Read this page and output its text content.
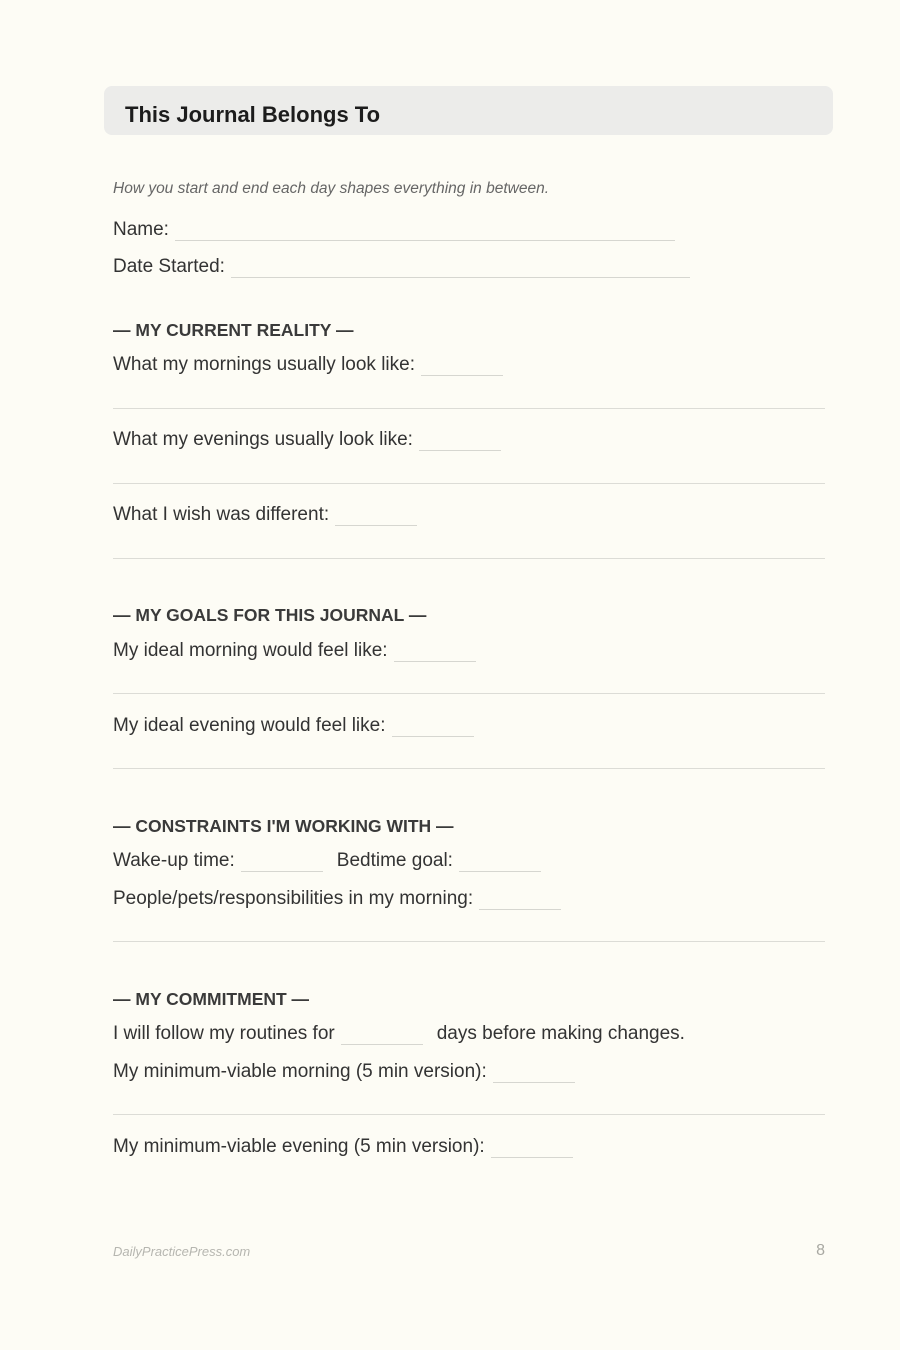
This Journal Belongs To
How you start and end each day shapes everything in between.
Name:
Date Started:
— MY CURRENT REALITY —
What my mornings usually look like:
What my evenings usually look like:
What I wish was different:
— MY GOALS FOR THIS JOURNAL —
My ideal morning would feel like:
My ideal evening would feel like:
— CONSTRAINTS I'M WORKING WITH —
Wake-up time:	Bedtime goal:
People/pets/responsibilities in my morning:
— MY COMMITMENT —
I will follow my routines for	days before making changes.
My minimum-viable morning (5 min version):
My minimum-viable evening (5 min version):
DailyPracticePress.com	8
